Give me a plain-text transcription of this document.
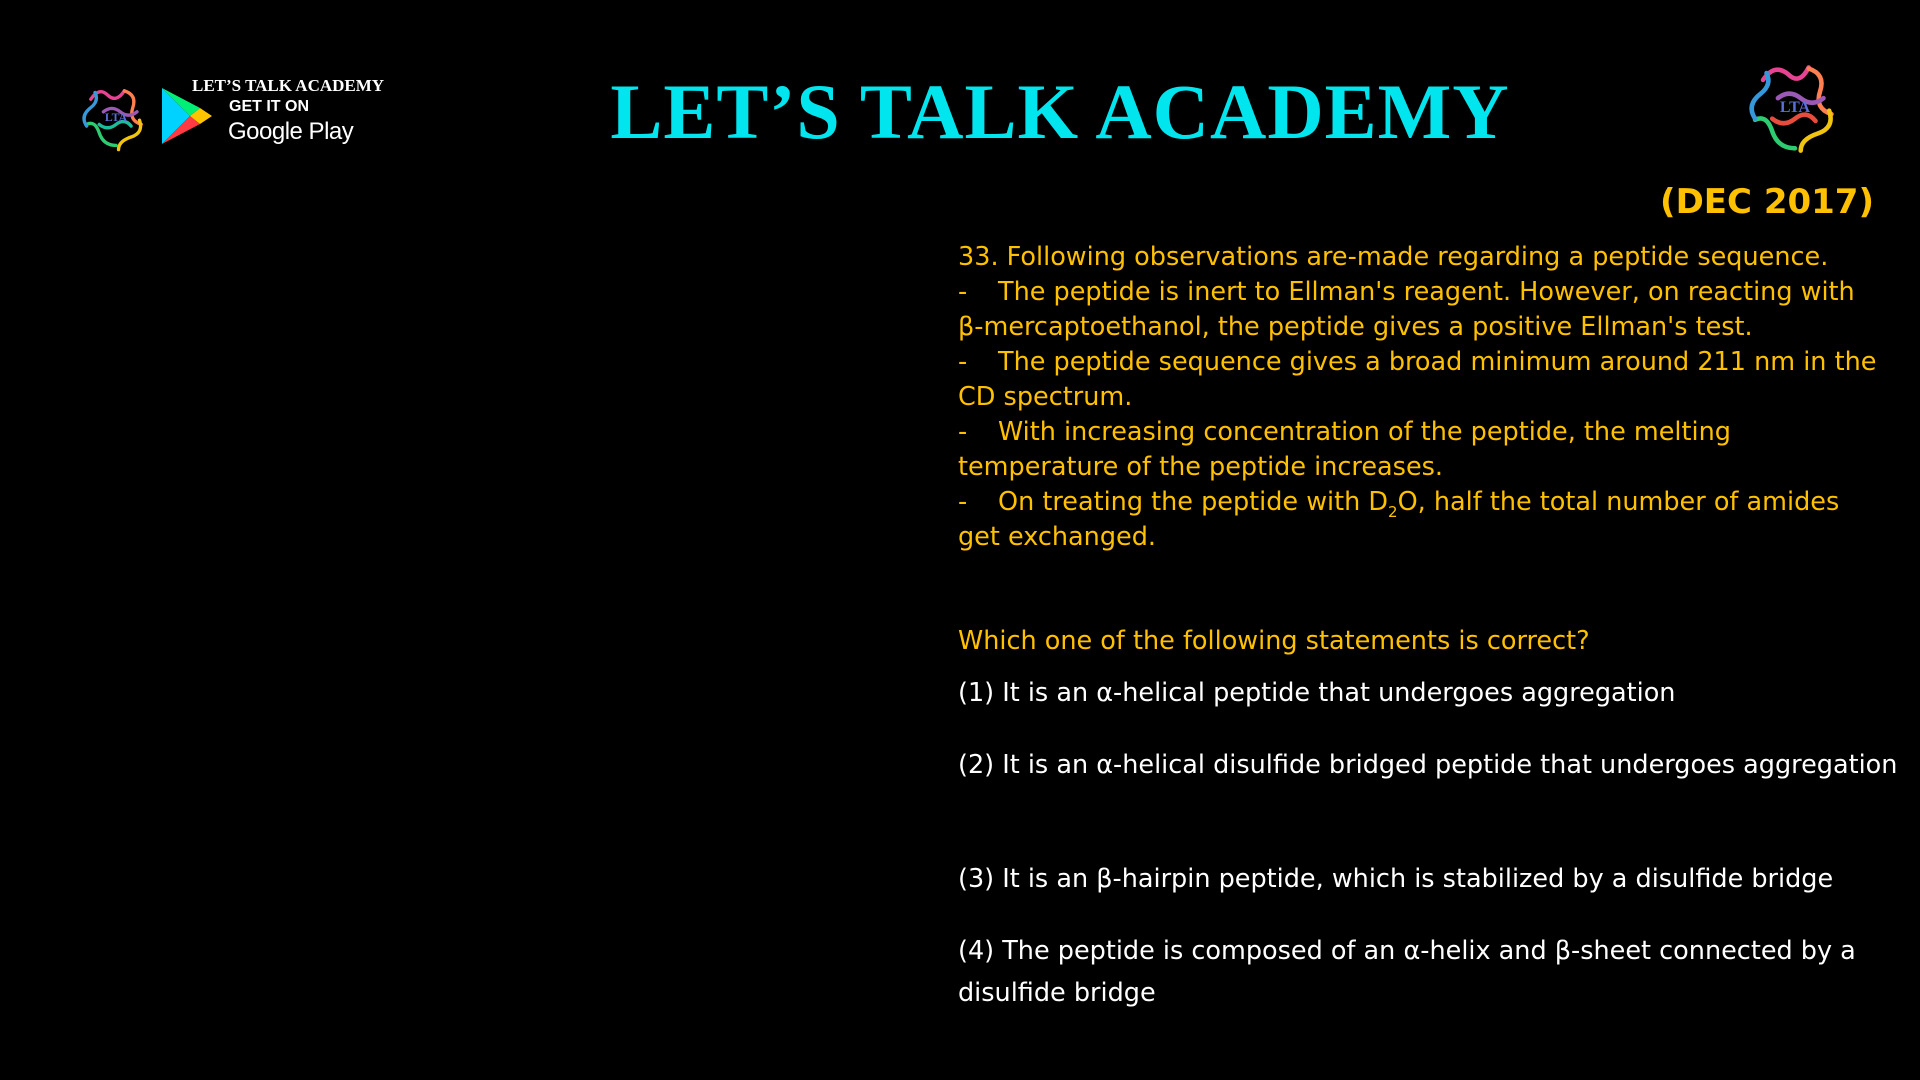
LTA
LET’S TALK ACADEMY
GET IT ON
Google Play	LET’S TALK ACADEMY	LTA
(DEC 2017)

33. Following observations are-made regarding a peptide sequence.

- The peptide is inert to Ellman's reagent. However, on reacting with β-mercaptoethanol, the peptide gives a positive Ellman's test.

- The peptide sequence gives a broad minimum around 211 nm in the CD spectrum.

- With increasing concentration of the peptide, the melting temperature of the peptide increases.

- On treating the peptide with $D_2O$, half the total number of amides get exchanged.

Which one of the following statements is correct?

(1) It is an α-helical peptide that undergoes aggregation

(2) It is an α-helical disulfide bridged peptide that undergoes aggregation

(3) It is an β-hairpin peptide, which is stabilized by a disulfide bridge

(4) The peptide is composed of an α-helix and β-sheet connected by a disulfide bridge
